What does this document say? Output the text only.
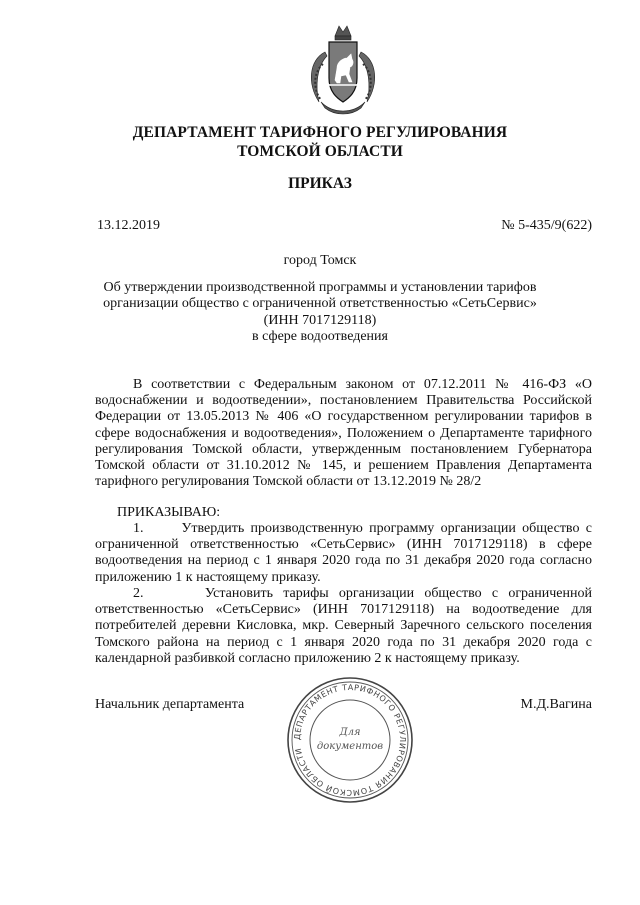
ДЕПАРТАМЕНТ ТАРИФНОГО РЕГУЛИРОВАНИЯ
ТОМСКОЙ ОБЛАСТИ
ПРИКАЗ
13.12.2019	№ 5-435/9(622)
город Томск
Об утверждении производственной программы и установлении тарифов
организации общество с ограниченной ответственностью «СетьСервис»
(ИНН 7017129118)
в сфере водоотведения
В соответствии с Федеральным законом от 07.12.2011 № 416-ФЗ «О
водоснабжении и водоотведении», постановлением Правительства Российской
Федерации от 13.05.2013 № 406 «О государственном регулировании тарифов в
сфере водоснабжения и водоотведения», Положением о Департаменте тарифного
регулирования Томской области, утвержденным постановлением Губернатора
Томской области от 31.10.2012 № 145, и решением Правления Департамента
тарифного регулирования Томской области от 13.12.2019 № 28/2
ПРИКАЗЫВАЮ:
1.      Утвердить производственную программу организации общество с
ограниченной ответственностью «СетьСервис» (ИНН 7017129118) в сфере
водоотведения на период с 1 января 2020 года по 31 декабря 2020 года согласно
приложению 1 к настоящему приказу.
2.      Установить тарифы организации общество с ограниченной
ответственностью «СетьСервис» (ИНН 7017129118) на водоотведение для
потребителей деревни Кисловка, мкр. Северный Заречного сельского поселения
Томского района на период с 1 января 2020 года по 31 декабря 2020 года с
календарной разбивкой согласно приложению 2 к настоящему приказу.
Начальник департамента	М.Д.Вагина
ДЕПАРТАМЕНТ ТАРИФНОГО РЕГУЛИРОВАНИЯ ТОМСКОЙ ОБЛАСТИ
Для
документов
